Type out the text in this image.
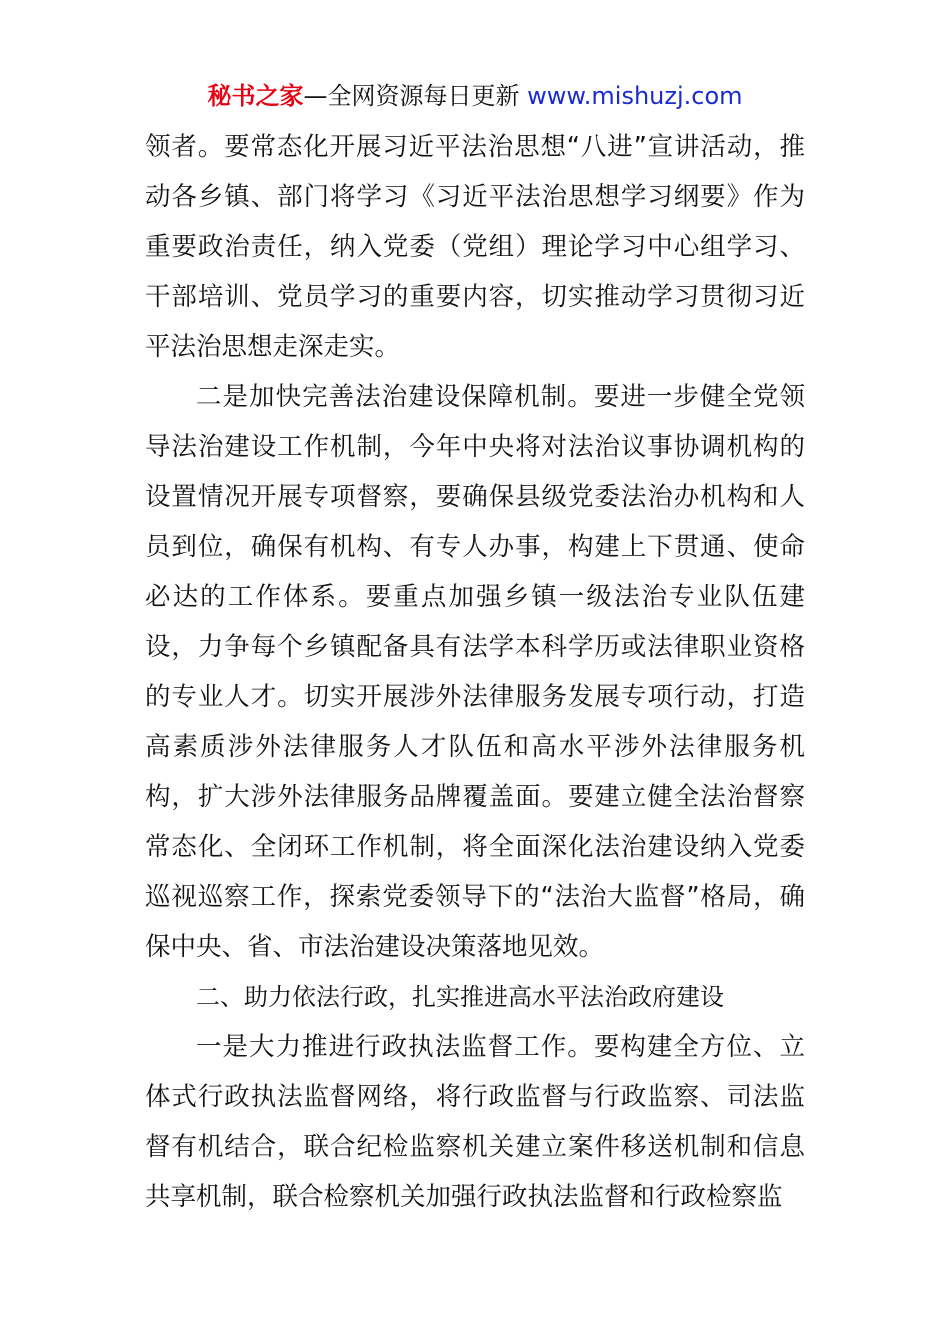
秘书之家—全网资源每日更新 www.mishuzj.com

领者。要常态化开展习近平法治思想“八进”宣讲活动，推动各乡镇、部门将学习《习近平法治思想学习纲要》作为重要政治责任，纳入党委（党组）理论学习中心组学习、干部培训、党员学习的重要内容，切实推动学习贯彻习近平法治思想走深走实。

二是加快完善法治建设保障机制。要进一步健全党领导法治建设工作机制，今年中央将对法治议事协调机构的设置情况开展专项督察，要确保县级党委法治办机构和人员到位，确保有机构、有专人办事，构建上下贯通、使命必达的工作体系。要重点加强乡镇一级法治专业队伍建设，力争每个乡镇配备具有法学本科学历或法律职业资格的专业人才。切实开展涉外法律服务发展专项行动，打造高素质涉外法律服务人才队伍和高水平涉外法律服务机构，扩大涉外法律服务品牌覆盖面。要建立健全法治督察常态化、全闭环工作机制，将全面深化法治建设纳入党委巡视巡察工作，探索党委领导下的“法治大监督”格局，确保中央、省、市法治建设决策落地见效。

二、助力依法行政，扎实推进高水平法治政府建设

一是大力推进行政执法监督工作。要构建全方位、立体式行政执法监督网络，将行政监督与行政监察、司法监督有机结合，联合纪检监察机关建立案件移送机制和信息共享机制，联合检察机关加强行政执法监督和行政检察监
